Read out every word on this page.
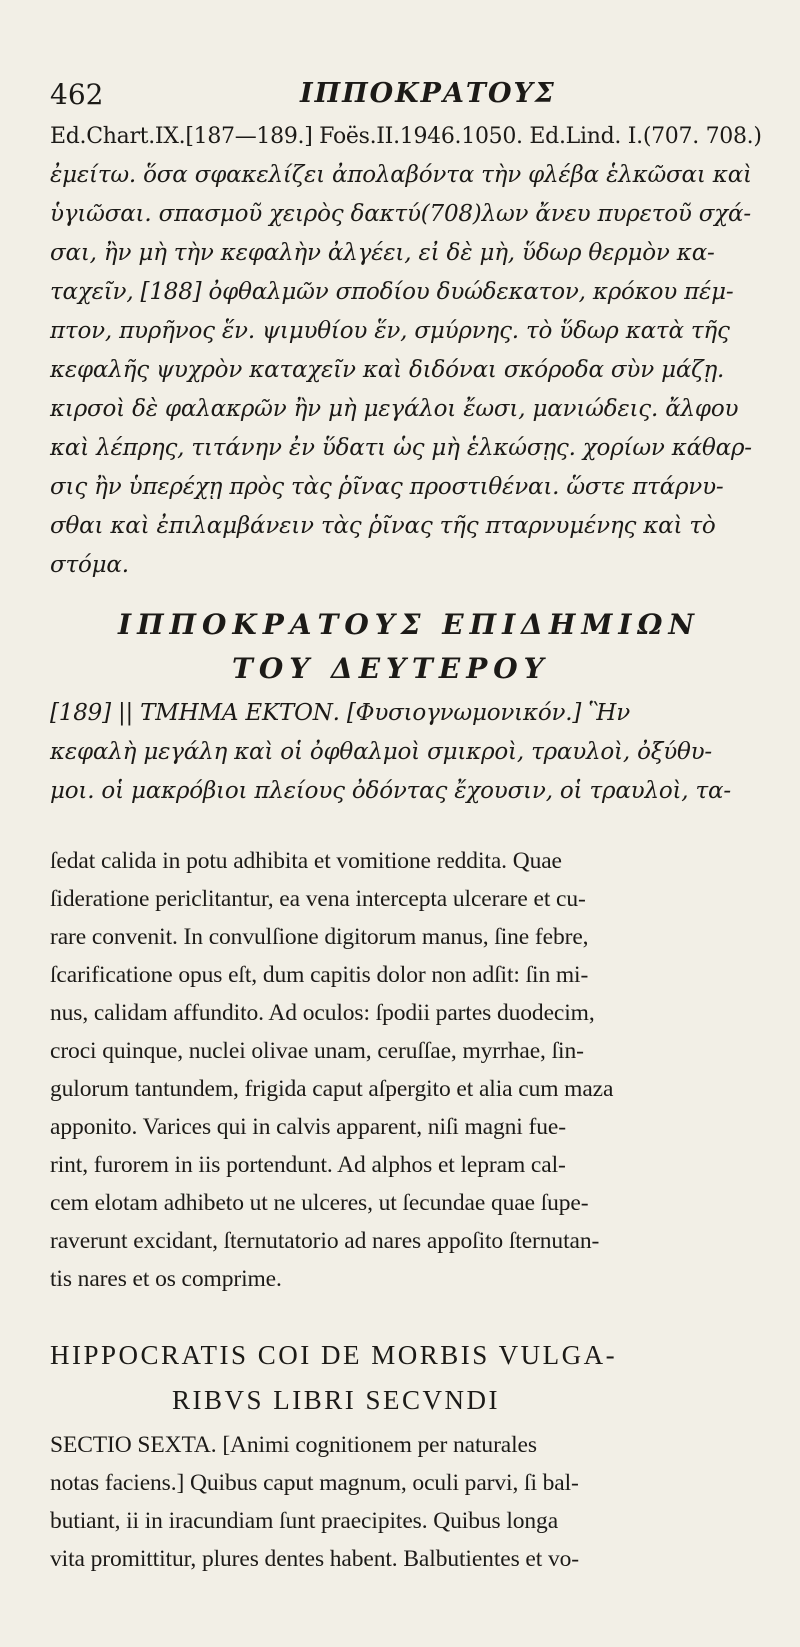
462	ΙΠΠΟΚΡΑΤΟΥΣ
Ed.Chart.IX.[187—189.] Foës.II.1946.1050. Ed.Lind. I.(707. 708.)
ἐμείτω. ὅσα σφακελίζει ἀπολαβόντα τὴν φλέβα ἑλκῶσαι καὶ
ὑγιῶσαι. σπασμοῦ χειρὸς δακτύ(708)λων ἄνευ πυρετοῦ σχά-
σαι, ἢν μὴ τὴν κεφαλὴν ἀλγέει, εἰ δὲ μὴ, ὕδωρ θερμὸν κα-
ταχεῖν, [188] ὀφθαλμῶν σποδίου δυώδεκατον, κρόκου πέμ-
πτον, πυρῆνος ἕν. ψιμυθίου ἕν, σμύρνης. τὸ ὕδωρ κατὰ τῆς
κεφαλῆς ψυχρὸν καταχεῖν καὶ διδόναι σκόροδα σὺν μάζῃ.
κιρσοὶ δὲ φαλακρῶν ἢν μὴ μεγάλοι ἔωσι, μανιώδεις. ἄλφου
καὶ λέπρης, τιτάνην ἐν ὕδατι ὡς μὴ ἑλκώσῃς. χορίων κάθαρ-
σις ἢν ὑπερέχῃ πρὸς τὰς ῥῖνας προστιθέναι. ὥστε πτάρνυ-
σθαι καὶ ἐπιλαμβάνειν τὰς ῥῖνας τῆς πταρνυμένης καὶ τὸ
στόμα.
ΙΠΠΟΚΡΑΤΟΥΣ ΕΠΙΔΗΜΙΩΝ
ΤΟΥ ΔΕΥΤΕΡΟΥ
[189] || ΤΜΗΜΑ ΕΚΤΟΝ. [Φυσιογνωμονικόν.] Ἣν
κεφαλὴ μεγάλη καὶ οἱ ὀφθαλμοὶ σμικροὶ, τραυλοὶ, ὀξύθυ-
μοι. οἱ μακρόβιοι πλείους ὀδόντας ἔχουσιν, οἱ τραυλοὶ, τα-
ſedat calida in potu adhibita et vomitione reddita. Quae
ſideratione periclitantur, ea vena intercepta ulcerare et cu-
rare convenit. In convulſione digitorum manus, ſine febre,
ſcarificatione opus eſt, dum capitis dolor non adſit: ſin mi-
nus, calidam affundito. Ad oculos: ſpodii partes duodecim,
croci quinque, nuclei olivae unam, ceruſſae, myrrhae, ſin-
gulorum tantundem, frigida caput aſpergito et alia cum maza
apponito. Varices qui in calvis apparent, niſi magni fue-
rint, furorem in iis portendunt. Ad alphos et lepram cal-
cem elotam adhibeto ut ne ulceres, ut ſecundae quae ſupe-
raverunt excidant, ſternutatorio ad nares appoſito ſternutan-
tis nares et os comprime.
HIPPOCRATIS COI DE MORBIS VULGA-
RIBVS LIBRI SECVNDI
SECTIO SEXTA. [Animi cognitionem per naturales
notas faciens.] Quibus caput magnum, oculi parvi, ſi bal-
butiant, ii in iracundiam ſunt praecipites. Quibus longa
vita promittitur, plures dentes habent. Balbutientes et vo-
